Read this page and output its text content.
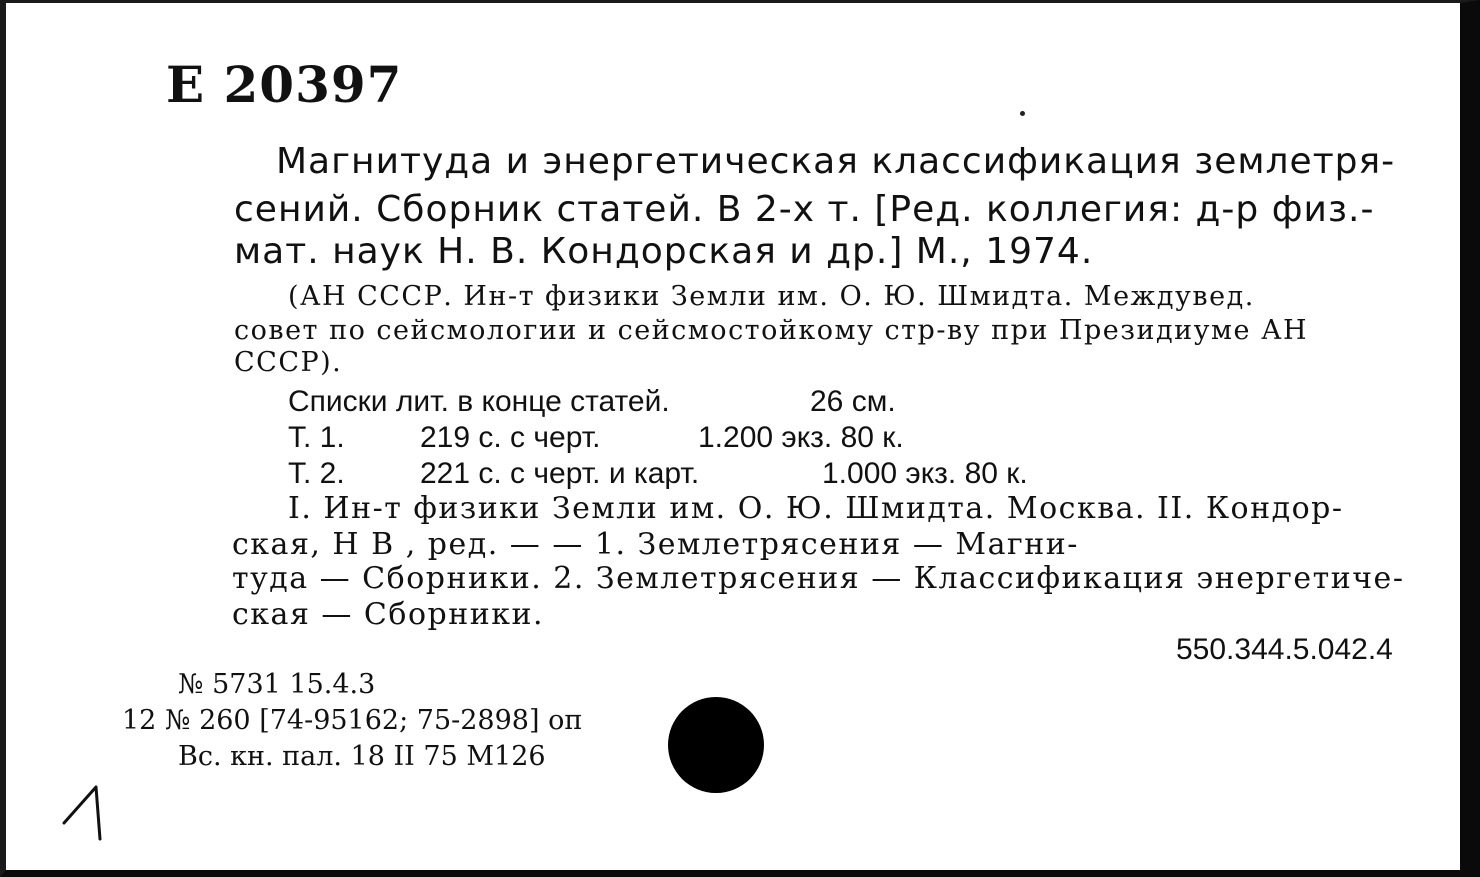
Е 20397
Магнитуда и энергетическая классификация землетря-
сений. Сборник статей. В 2-х т. [Ред. коллегия: д-р физ.-
мат. наук Н. В. Кондорская и др.] М., 1974.
(АН СССР. Ин-т физики Земли им. О. Ю. Шмидта. Междувед.
совет по сейсмологии и сейсмостойкому стр-ву при Президиуме АН
СССР).
Списки лит. в конце статей.	26 см.
Т. 1.	219 с. с черт.	1.200 экз. 80 к.
Т. 2.	221 с. с черт. и карт.	1.000 экз. 80 к.
I. Ин-т физики Земли им. О. Ю. Шмидта. Москва. II. Кондор-
ская, Н В , ред. — — 1. Землетрясения — Магни-
туда — Сборники. 2. Землетрясения — Классификация энергетиче-
ская — Сборники.
550.344.5.042.4
№ 5731 15.4.3
12 № 260 [74-95162; 75-2898] оп
Вс. кн. пал. 18 II 75 М126
